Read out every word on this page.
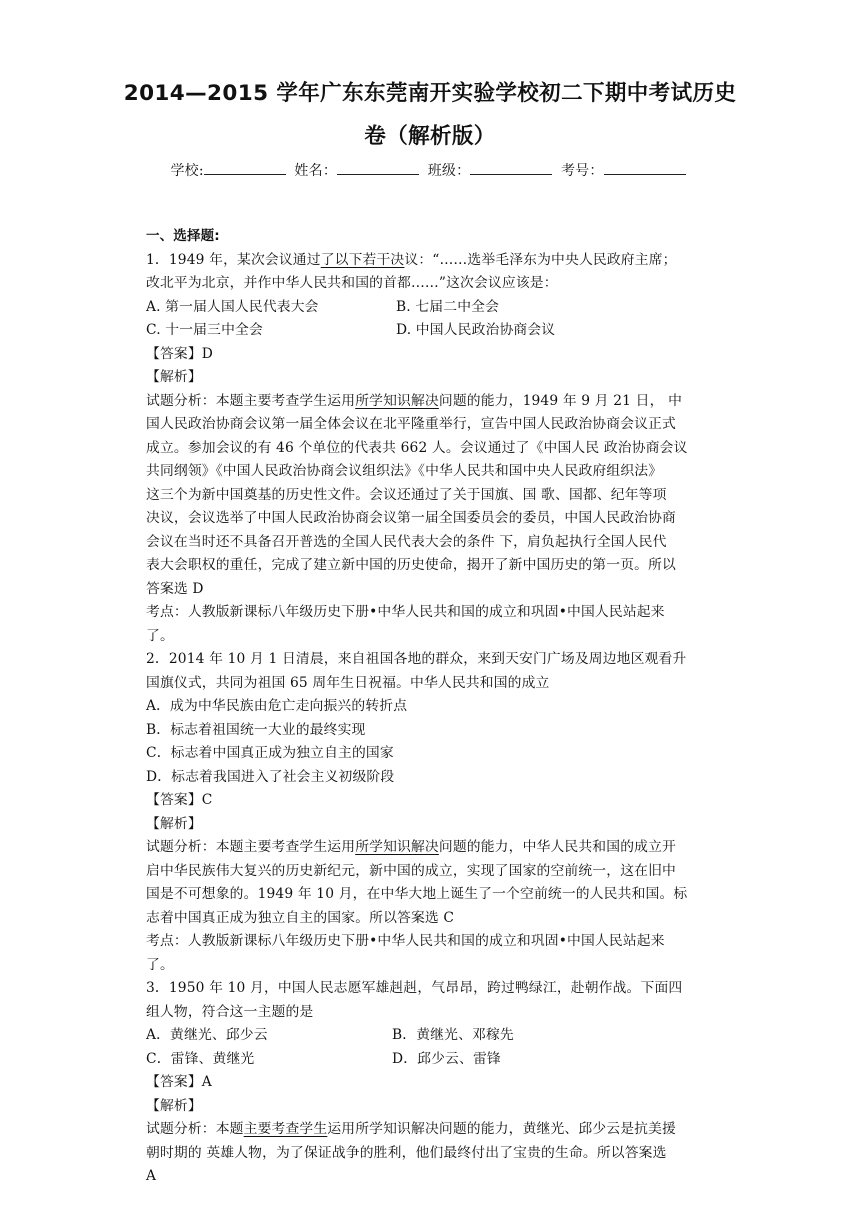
2014—2015 学年广东东莞南开实验学校初二下期中考试历史
卷（解析版）
学校:	姓名：	班级：	考号：
一、选择题:
1．1949 年，某次会议通过了以下若干决议：“……选举毛泽东为中央人民政府主席；
改北平为北京，并作中华人民共和国的首都……”这次会议应该是：
A. 第一届人国人民代表大会	B. 七届二中全会
C. 十一届三中全会	D. 中国人民政治协商会议
【答案】D
【解析】
试题分析：本题主要考查学生运用所学知识解决问题的能力，1949 年 9 月 21 日， 中
国人民政治协商会议第一届全体会议在北平隆重举行，宣告中国人民政治协商会议正式
成立。参加会议的有 46 个单位的代表共 662 人。会议通过了《中国人民 政治协商会议
共同纲领》《中国人民政治协商会议组织法》《中华人民共和国中央人民政府组织法》
这三个为新中国奠基的历史性文件。会议还通过了关于国旗、国 歌、国都、纪年等项
决议，会议选举了中国人民政治协商会议第一届全国委员会的委员，中国人民政治协商
会议在当时还不具备召开普选的全国人民代表大会的条件 下，肩负起执行全国人民代
表大会职权的重任，完成了建立新中国的历史使命，揭开了新中国历史的第一页。所以
答案选 D
考点：人教版新课标八年级历史下册•中华人民共和国的成立和巩固•中国人民站起来
了。
2．2014 年 10 月 1 日清晨，来自祖国各地的群众，来到天安门广场及周边地区观看升
国旗仪式，共同为祖国 65 周年生日祝福。中华人民共和国的成立
A．成为中华民族由危亡走向振兴的转折点
B．标志着祖国统一大业的最终实现
C．标志着中国真正成为独立自主的国家
D．标志着我国进入了社会主义初级阶段
【答案】C
【解析】
试题分析：本题主要考查学生运用所学知识解决问题的能力，中华人民共和国的成立开
启中华民族伟大复兴的历史新纪元，新中国的成立，实现了国家的空前统一，这在旧中
国是不可想象的。1949 年 10 月，在中华大地上诞生了一个空前统一的人民共和国。标
志着中国真正成为独立自主的国家。所以答案选 C
考点：人教版新课标八年级历史下册•中华人民共和国的成立和巩固•中国人民站起来
了。
3．1950 年 10 月，中国人民志愿军雄赳赳，气昂昂，跨过鸭绿江，赴朝作战。下面四
组人物，符合这一主题的是
A．黄继光、邱少云	B．黄继光、邓稼先
C．雷锋、黄继光	D．邱少云、雷锋
【答案】A
【解析】
试题分析：本题主要考查学生运用所学知识解决问题的能力，黄继光、邱少云是抗美援
朝时期的 英雄人物，为了保证战争的胜利，他们最终付出了宝贵的生命。所以答案选
A
